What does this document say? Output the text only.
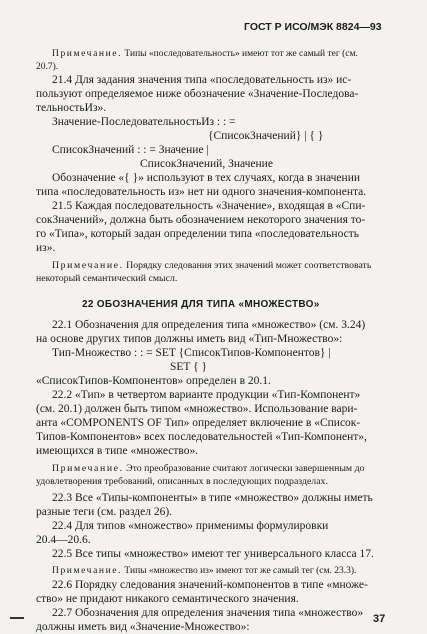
ГОСТ Р ИСО/МЭК 8824—93
Примечание. Типы «последовательность» имеют тот же самый тег (см.
20.7).
21.4 Для задания значения типа «последовательность из» ис-
пользуют определяемое ниже обозначение «Значение-Последова-
тельностьИз».
Значение-ПоследовательностьИз : : =
{СписокЗначений} | { }
СписокЗначений : : = Значение |
СписокЗначений, Значение
Обозначение «{ }» используют в тех случаях, когда в значении
типа «последовательность из» нет ни одного значения-компонента.
21.5 Каждая последовательность «Значение», входящая в «Спи-
сокЗначений», должна быть обозначением некоторого значения то-
го «Типа», который задан определении типа «последовательность
из».
Примечание. Порядку следования этих значений может соответствовать
некоторый семантический смысл.
22 ОБОЗНАЧЕНИЯ ДЛЯ ТИПА «МНОЖЕСТВО»
22.1 Обозначения для определения типа «множество» (см. 3.24)
на основе других типов должны иметь вид «Тип-Множество»:
Тип-Множество : : = SET {СписокТипов-Компонентов} |
SET { }
«СписокТипов-Компонентов» определен в 20.1.
22.2 «Тип» в четвертом варианте продукции «Тип-Компонент»
(см. 20.1) должен быть типом «множество». Использование вари-
анта «COMPONENTS OF Тип» определяет включение в «Список-
Типов-Компонентов» всех последовательностей «Тип-Компонент»,
имеющихся в типе «множество».
Примечание. Это преобразование считают логически завершенным до
удовлетворения требований, описанных в последующих подразделах.
22.3 Все «Типы-компоненты» в типе «множество» должны иметь
разные теги (см. раздел 26).
22.4 Для типов «множество» применимы формулировки
20.4—20.6.
22.5 Все типы «множество» имеют тег универсального класса 17.
Примечание. Типы «множество из» имеют тот же самый тег (см. 23.3).
22.6 Порядку следования значений-компонентов в типе «множе-
ство» не придают никакого семантического значения.
22.7 Обозначения для определения значения типа «множество»
должны иметь вид «Значение-Множество»:
37
